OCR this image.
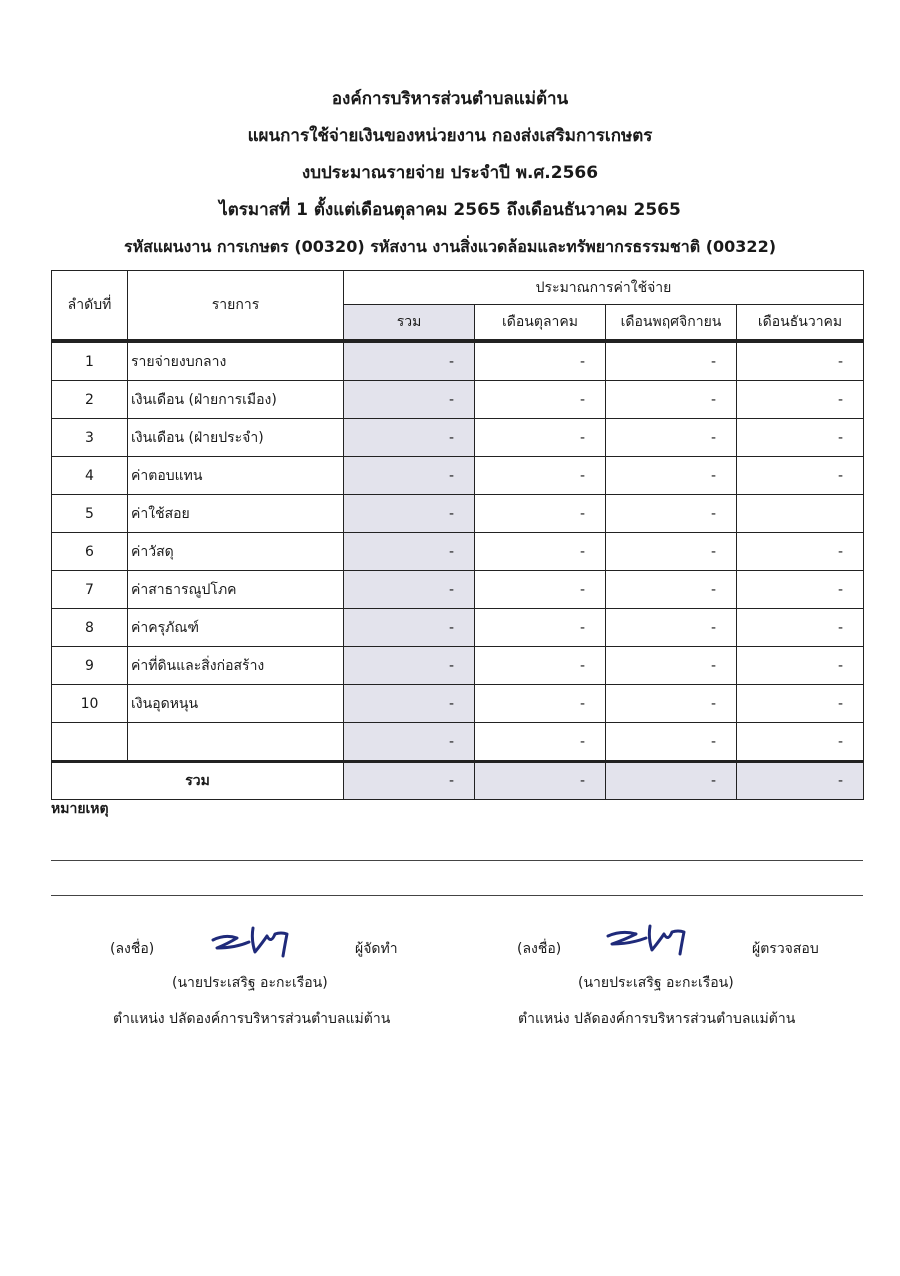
องค์การบริหารส่วนตำบลแม่ต้าน
แผนการใช้จ่ายเงินของหน่วยงาน กองส่งเสริมการเกษตร
งบประมาณรายจ่าย ประจำปี พ.ศ.2566
ไตรมาสที่ 1 ตั้งแต่เดือนตุลาคม 2565 ถึงเดือนธันวาคม 2565
รหัสแผนงาน การเกษตร (00320) รหัสงาน งานสิ่งแวดล้อมและทรัพยากรธรรมชาติ (00322)
ลำดับที่	รายการ	ประมาณการค่าใช้จ่าย			
		รวม	เดือนตุลาคม	เดือนพฤศจิกายน	เดือนธันวาคม

1	รายจ่ายงบกลาง	-	-	-	-
2	เงินเดือน (ฝ่ายการเมือง)	-	-	-	-
3	เงินเดือน (ฝ่ายประจำ)	-	-	-	-
4	ค่าตอบแทน	-	-	-	-
5	ค่าใช้สอย	-	-	-	
6	ค่าวัสดุ	-	-	-	-
7	ค่าสาธารณูปโภค	-	-	-	-
8	ค่าครุภัณฑ์	-	-	-	-
9	ค่าที่ดินและสิ่งก่อสร้าง	-	-	-	-
10	เงินอุดหนุน	-	-	-	-
		-	-	-	-
รวม		-	-	-	-
หมายเหตุ
(ลงชื่อ)	ผู้จัดทำ
(นายประเสริฐ อะกะเรือน)
ตำแหน่ง ปลัดองค์การบริหารส่วนตำบลแม่ต้าน
(ลงชื่อ)	ผู้ตรวจสอบ
(นายประเสริฐ อะกะเรือน)
ตำแหน่ง ปลัดองค์การบริหารส่วนตำบลแม่ต้าน
